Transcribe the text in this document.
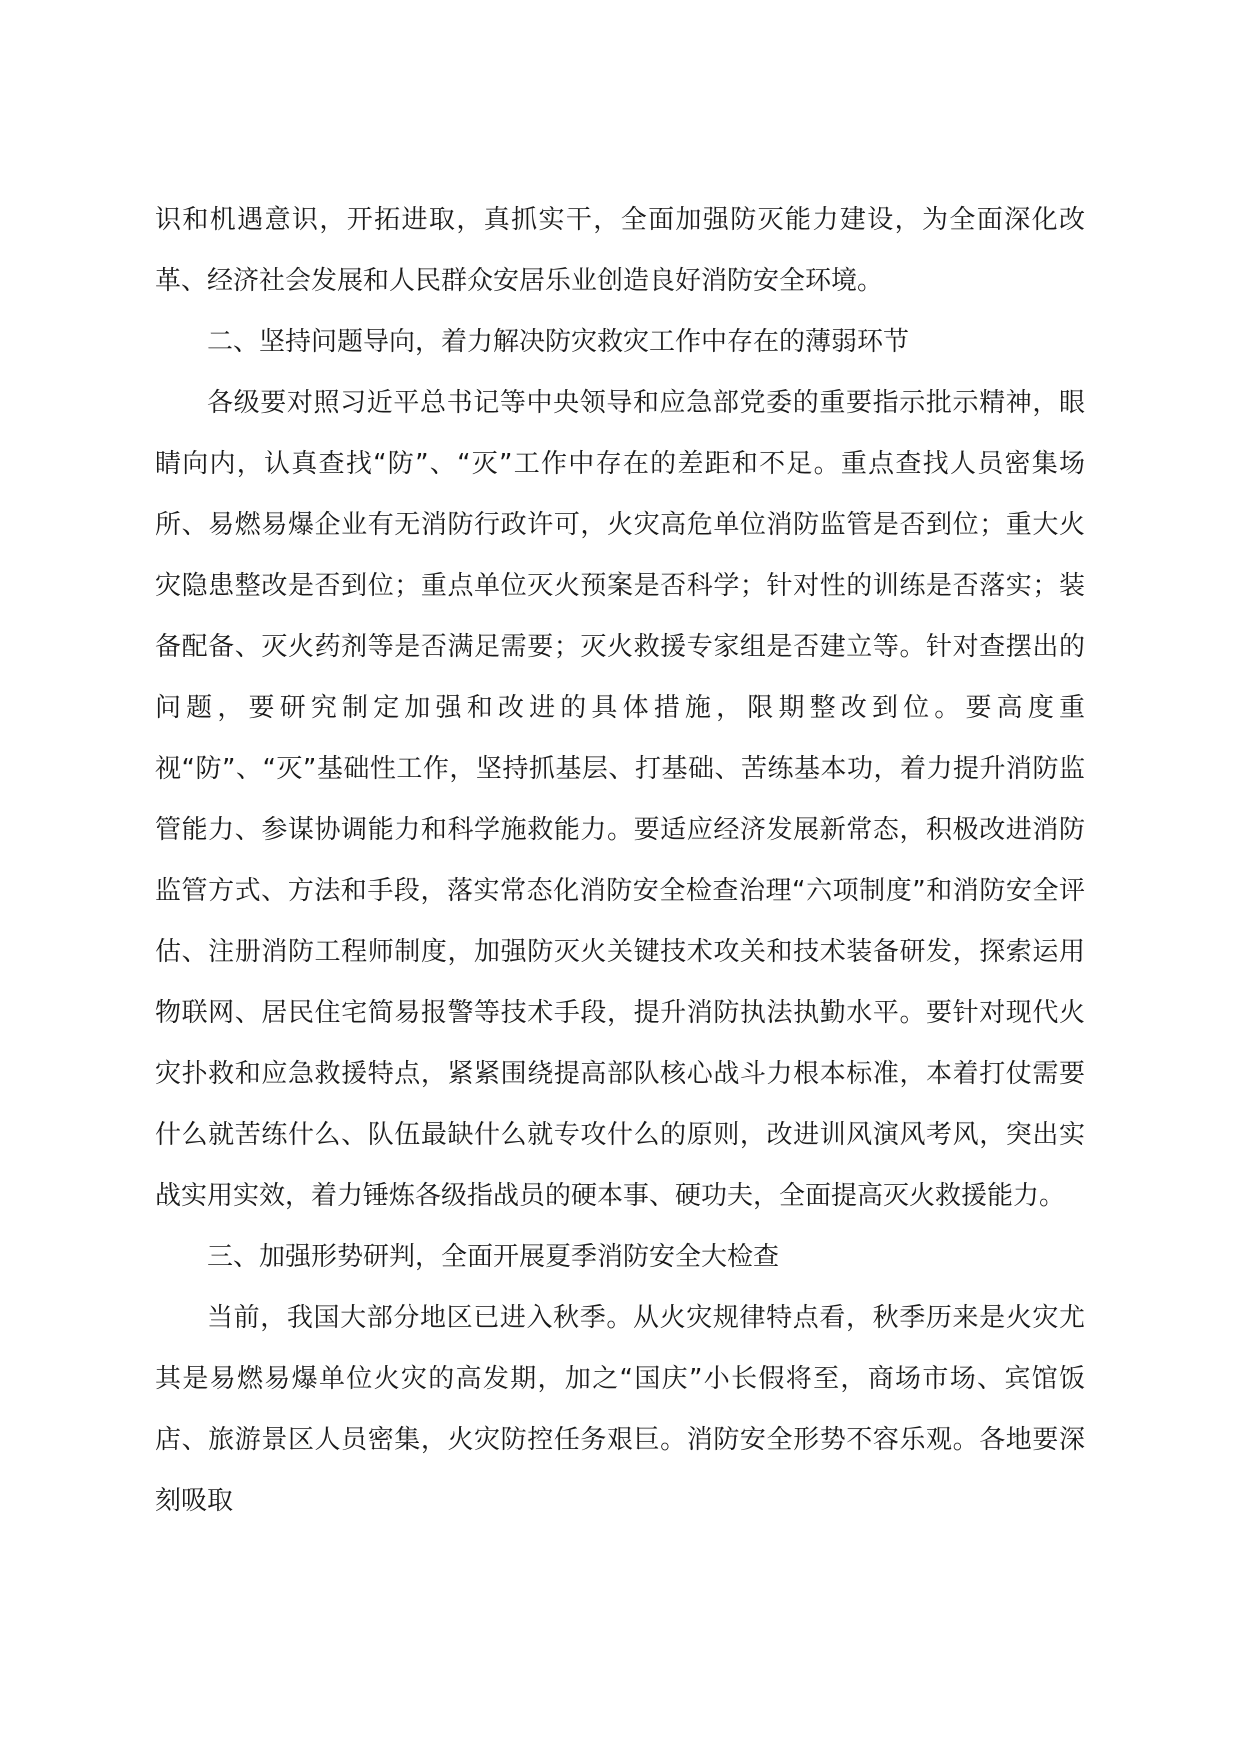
识和机遇意识，开拓进取，真抓实干，全面加强防灭能力建设，为全面深化改革、经济社会发展和人民群众安居乐业创造良好消防安全环境。

二、坚持问题导向，着力解决防灾救灾工作中存在的薄弱环节

各级要对照习近平总书记等中央领导和应急部党委的重要指示批示精神，眼睛向内，认真查找“防”、“灭”工作中存在的差距和不足。重点查找人员密集场所、易燃易爆企业有无消防行政许可，火灾高危单位消防监管是否到位；重大火灾隐患整改是否到位；重点单位灭火预案是否科学；针对性的训练是否落实；装备配备、灭火药剂等是否满足需要；灭火救援专家组是否建立等。针对查摆出的问题，要研究制定加强和改进的具体措施，限期整改到位。要高度重视“防”、“灭”基础性工作，坚持抓基层、打基础、苦练基本功，着力提升消防监管能力、参谋协调能力和科学施救能力。要适应经济发展新常态，积极改进消防监管方式、方法和手段，落实常态化消防安全检查治理“六项制度”和消防安全评估、注册消防工程师制度，加强防灭火关键技术攻关和技术装备研发，探索运用物联网、居民住宅简易报警等技术手段，提升消防执法执勤水平。要针对现代火灾扑救和应急救援特点，紧紧围绕提高部队核心战斗力根本标准，本着打仗需要什么就苦练什么、队伍最缺什么就专攻什么的原则，改进训风演风考风，突出实战实用实效，着力锤炼各级指战员的硬本事、硬功夫，全面提高灭火救援能力。

三、加强形势研判，全面开展夏季消防安全大检查

当前，我国大部分地区已进入秋季。从火灾规律特点看，秋季历来是火灾尤其是易燃易爆单位火灾的高发期，加之“国庆”小长假将至，商场市场、宾馆饭店、旅游景区人员密集，火灾防控任务艰巨。消防安全形势不容乐观。各地要深刻吸取
